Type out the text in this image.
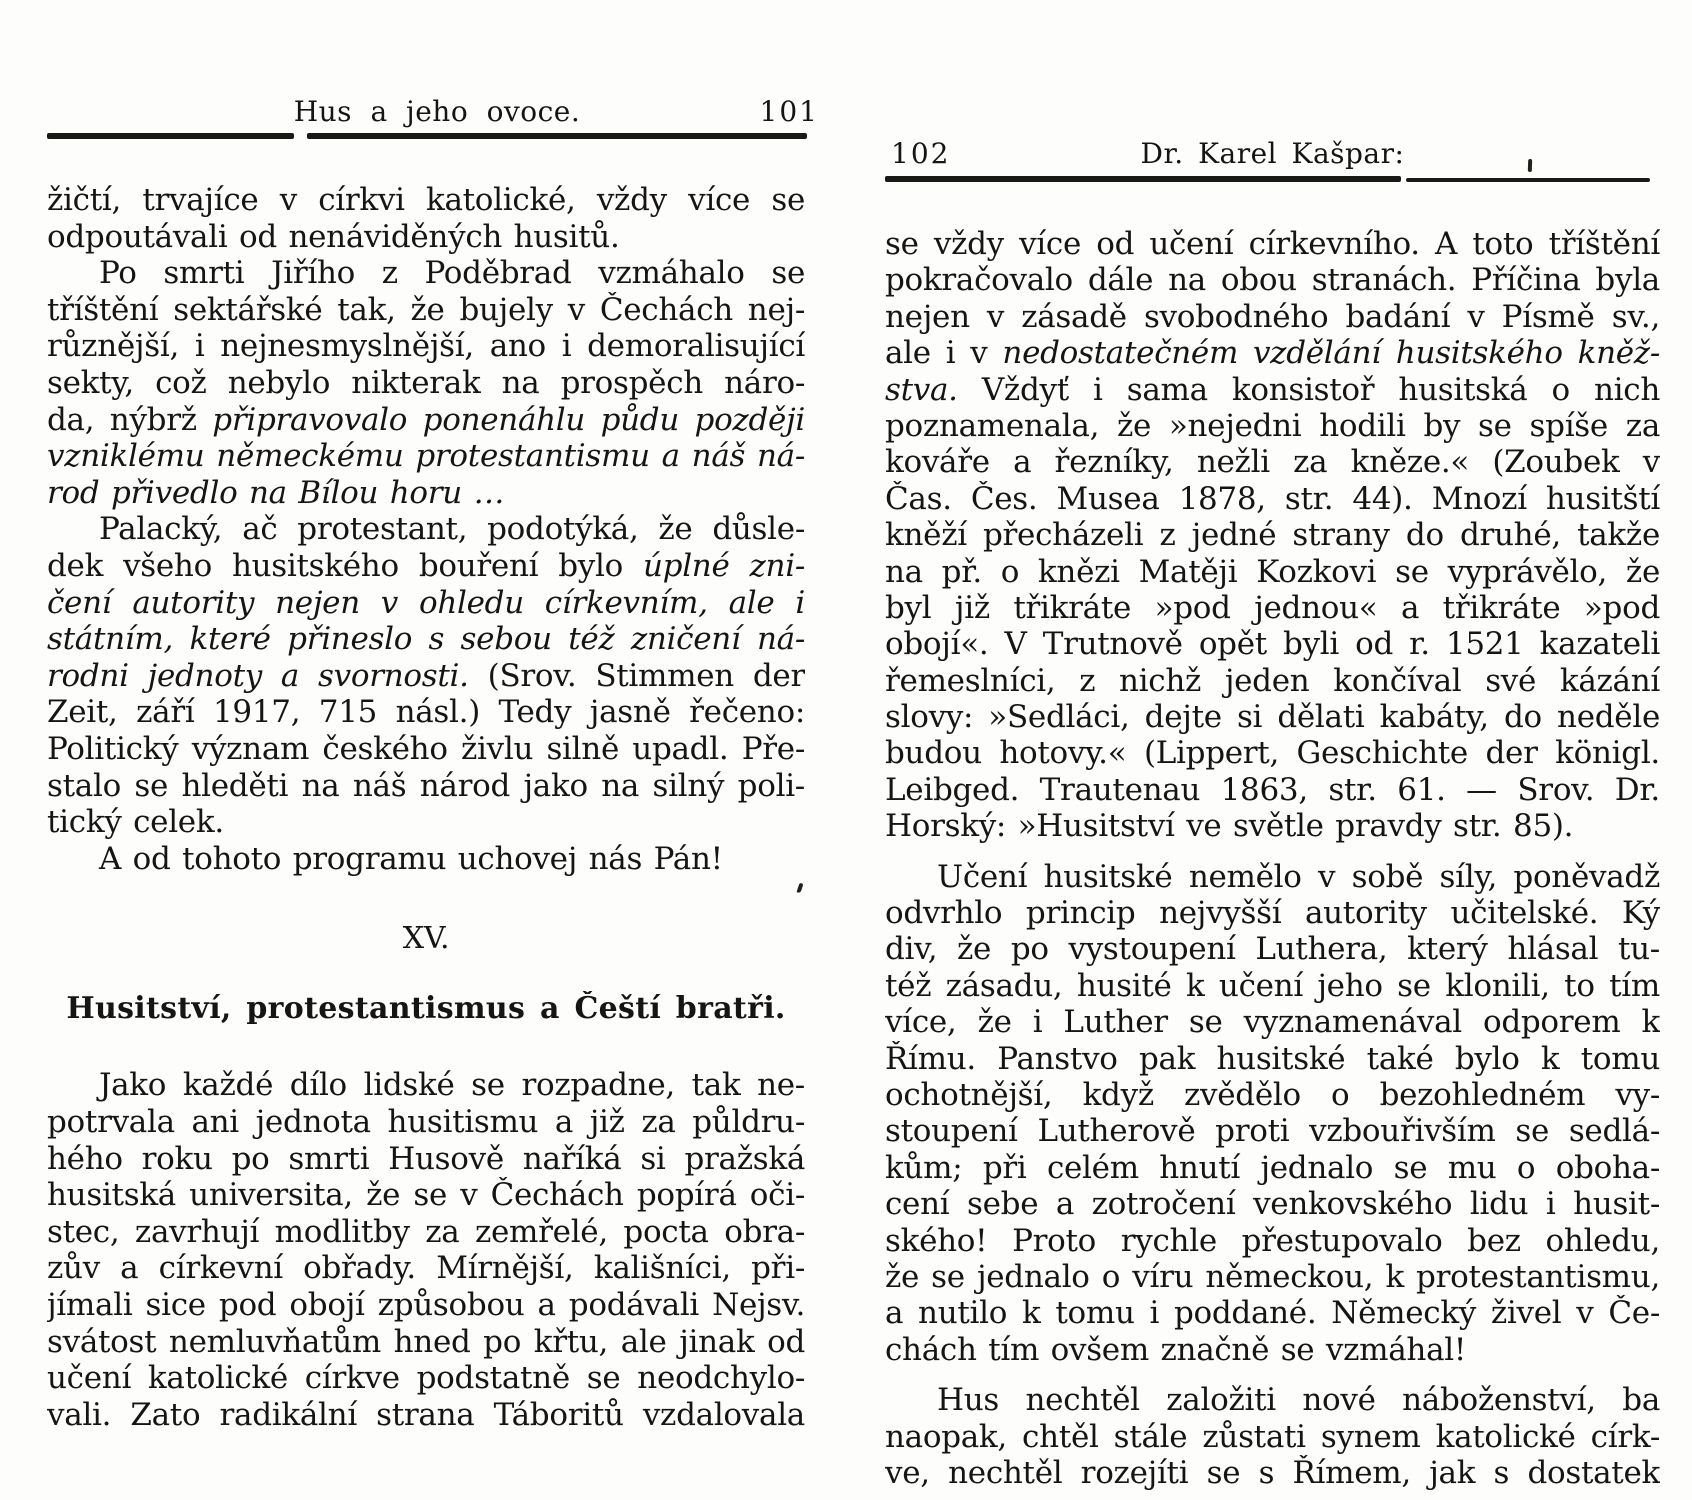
Hus a jeho ovoce.	101
žičtí, trvajíce v církvi katolické, vždy více se
odpoutávali od nenáviděných husitů.
Po smrti Jiřího z Poděbrad vzmáhalo se
tříštění sektářské tak, že bujely v Čechách nej-
různější, i nejnesmyslnější, ano i demoralisující
sekty, což nebylo nikterak na prospěch náro-
da, nýbrž připravovalo ponenáhlu půdu později
vzniklému německému protestantismu a náš ná-
rod přivedlo na Bílou horu …
Palacký, ač protestant, podotýká, že důsle-
dek všeho husitského bouření bylo úplné zni-
čení autority nejen v ohledu církevním, ale i
státním, které přineslo s sebou též zničení ná-
rodni jednoty a svornosti. (Srov. Stimmen der
Zeit, září 1917, 715 násl.) Tedy jasně řečeno:
Politický význam českého živlu silně upadl. Pře-
stalo se hleděti na náš národ jako na silný poli-
tický celek.
A od tohoto programu uchovej nás Pán!
XV.
Husitství, protestantismus a Čeští bratři.
Jako každé dílo lidské se rozpadne, tak ne-
potrvala ani jednota husitismu a již za půldru-
hého roku po smrti Husově naříká si pražská
husitská universita, že se v Čechách popírá oči-
stec, zavrhují modlitby za zemřelé, pocta obra-
zův a církevní obřady. Mírnější, kališníci, při-
jímali sice pod obojí způsobou a podávali Nejsv.
svátost nemluvňatům hned po křtu, ale jinak od
učení katolické církve podstatně se neodchylo-
vali. Zato radikální strana Táboritů vzdalovala
102	Dr. Karel Kašpar:
se vždy více od učení církevního. A toto tříštění
pokračovalo dále na obou stranách. Příčina byla
nejen v zásadě svobodného badání v Písmě sv.,
ale i v nedostatečném vzdělání husitského kněž-
stva. Vždyť i sama konsistoř husitská o nich
poznamenala, že »nejedni hodili by se spíše za
kováře a řezníky, nežli za kněze.« (Zoubek v
Čas. Čes. Musea 1878, str. 44). Mnozí husitští
kněží přecházeli z jedné strany do druhé, takže
na př. o knězi Matěji Kozkovi se vyprávělo, že
byl již třikráte »pod jednou« a třikráte »pod
obojí«. V Trutnově opět byli od r. 1521 kazateli
řemeslníci, z nichž jeden končíval své kázání
slovy: »Sedláci, dejte si dělati kabáty, do neděle
budou hotovy.« (Lippert, Geschichte der königl.
Leibged. Trautenau 1863, str. 61. — Srov. Dr.
Horský: »Husitství ve světle pravdy str. 85).
Učení husitské nemělo v sobě síly, poněvadž
odvrhlo princip nejvyšší autority učitelské. Ký
div, že po vystoupení Luthera, který hlásal tu-
též zásadu, husité k učení jeho se klonili, to tím
více, že i Luther se vyznamenával odporem k
Římu. Panstvo pak husitské také bylo k tomu
ochotnější, když zvědělo o bezohledném vy-
stoupení Lutherově proti vzbouřivším se sedlá-
kům; při celém hnutí jednalo se mu o oboha-
cení sebe a zotročení venkovského lidu i husit-
ského! Proto rychle přestupovalo bez ohledu,
že se jednalo o víru německou, k protestantismu,
a nutilo k tomu i poddané. Německý živel v Če-
chách tím ovšem značně se vzmáhal!
Hus nechtěl založiti nové náboženství, ba
naopak, chtěl stále zůstati synem katolické círk-
ve, nechtěl rozejíti se s Římem, jak s dostatek
